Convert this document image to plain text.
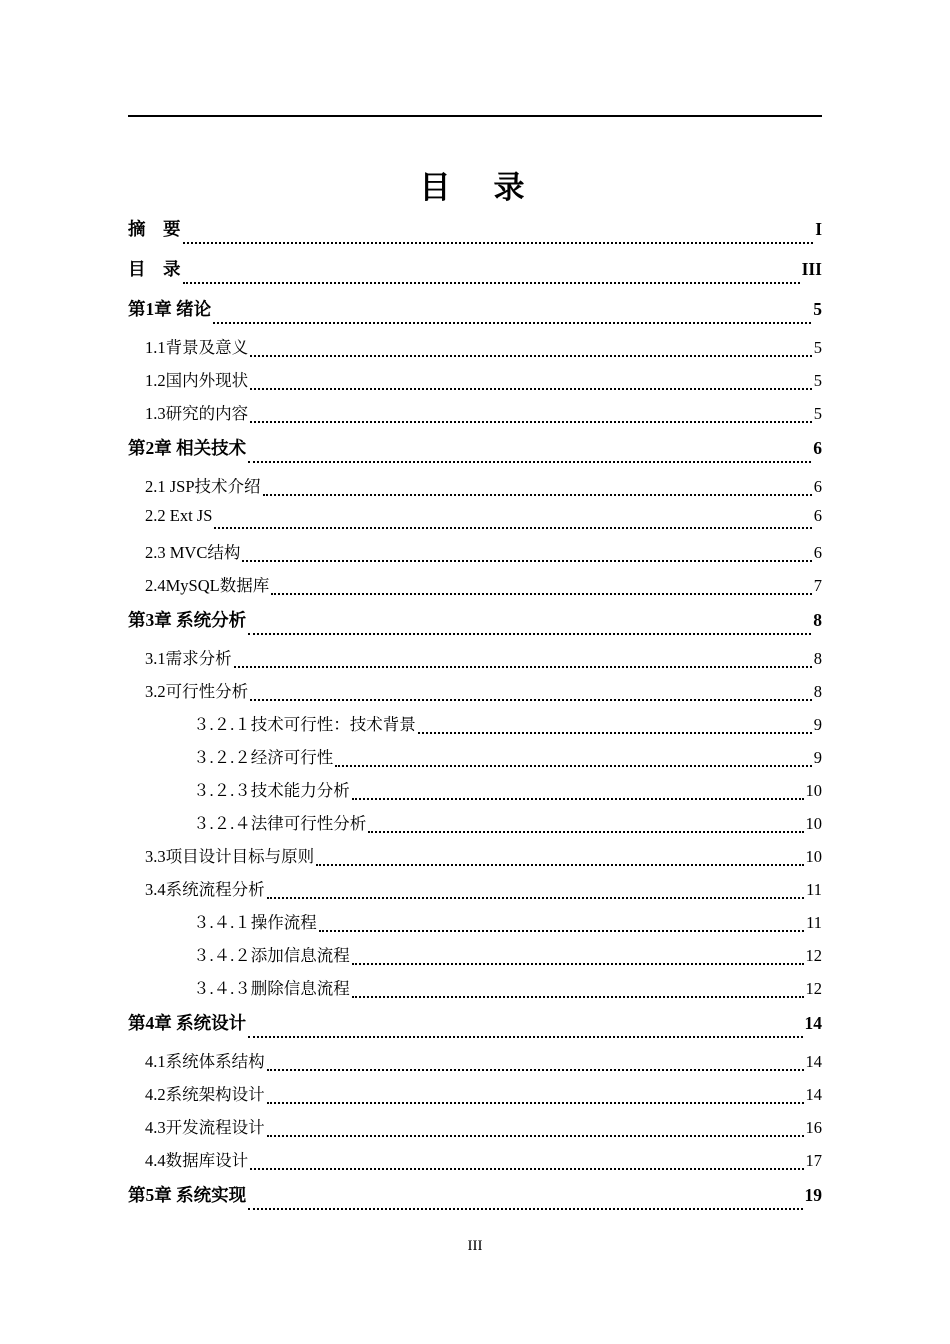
目　录
摘　要	I
目　录	III
第1章 绪论	5
1.1背景及意义	5
1.2国内外现状	5
1.3研究的内容	5
第2章 相关技术	6
2.1 JSP技术介绍	6
2.2 Ext JS	6
2.3 MVC结构	6
2.4MySQL数据库	7
第3章 系统分析	8
3.1需求分析	8
3.2可行性分析	8
３.２.１技术可行性：技术背景	9
３.２.２经济可行性	9
３.２.３技术能力分析	10
３.２.４法律可行性分析	10
3.3项目设计目标与原则	10
3.4系统流程分析	11
３.４.１操作流程	11
３.４.２添加信息流程	12
３.４.３删除信息流程	12
第4章 系统设计	14
4.1系统体系结构	14
4.2系统架构设计	14
4.3开发流程设计	16
4.4数据库设计	17
第5章 系统实现	19
III
